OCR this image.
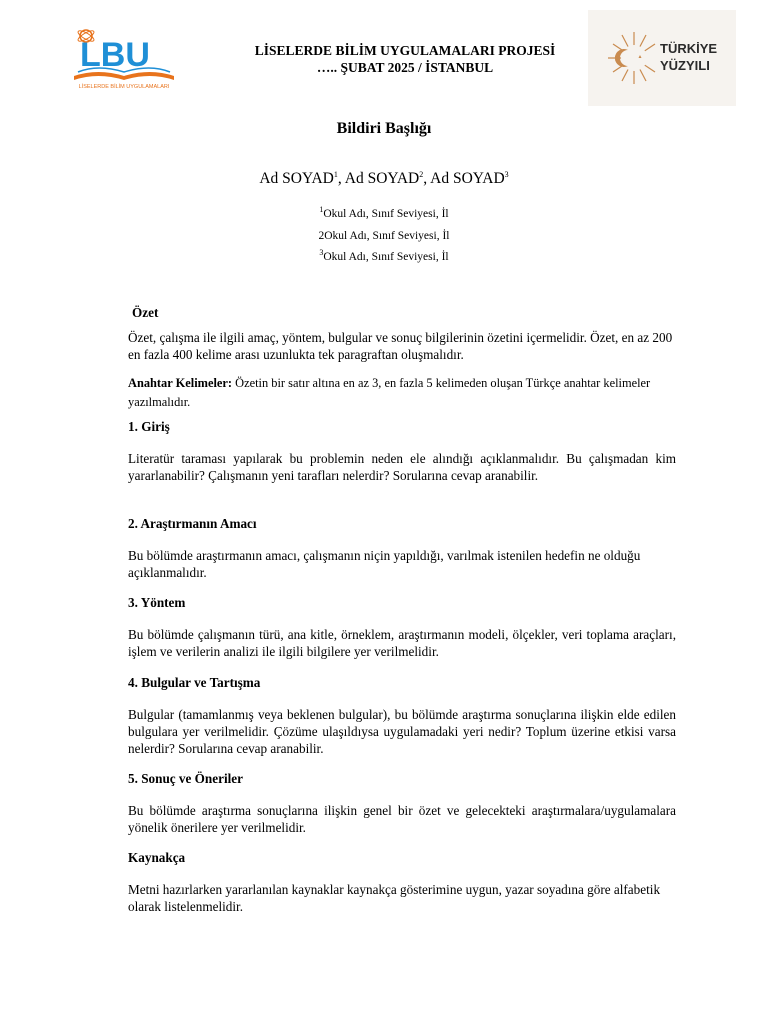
LBU
LİSELERDE BİLİM UYGULAMALARI
LİSELERDE BİLİM UYGULAMALARI PROJESİ
….. ŞUBAT 2025 / İSTANBUL
TÜRKİYE
YÜZYILI
Bildiri Başlığı
Ad SOYAD$^1$, Ad SOYAD$^2$, Ad SOYAD$^3$
$^1$Okul Adı, Sınıf Seviyesi, İl
2Okul Adı, Sınıf Seviyesi, İl
$^3$Okul Adı, Sınıf Seviyesi, İl
Özet
Özet, çalışma ile ilgili amaç, yöntem, bulgular ve sonuç bilgilerinin özetini içermelidir. Özet, en az 200 en fazla 400 kelime arası uzunlukta tek paragraftan oluşmalıdır.
Anahtar Kelimeler: Özetin bir satır altına en az 3, en fazla 5 kelimeden oluşan Türkçe anahtar kelimeler yazılmalıdır.
1. Giriş
Literatür taraması yapılarak bu problemin neden ele alındığı açıklanmalıdır. Bu çalışmadan kim yararlanabilir? Çalışmanın yeni tarafları nelerdir? Sorularına cevap aranabilir.
2. Araştırmanın Amacı
Bu bölümde araştırmanın amacı, çalışmanın niçin yapıldığı, varılmak istenilen hedefin ne olduğu açıklanmalıdır.
3. Yöntem
Bu bölümde çalışmanın türü, ana kitle, örneklem, araştırmanın modeli, ölçekler, veri toplama araçları, işlem ve verilerin analizi ile ilgili bilgilere yer verilmelidir.
4. Bulgular ve Tartışma
Bulgular (tamamlanmış veya beklenen bulgular), bu bölümde araştırma sonuçlarına ilişkin elde edilen bulgulara yer verilmelidir. Çözüme ulaşıldıysa uygulamadaki yeri nedir? Toplum üzerine etkisi varsa nelerdir? Sorularına cevap aranabilir.
5. Sonuç ve Öneriler
Bu bölümde araştırma sonuçlarına ilişkin genel bir özet ve gelecekteki araştırmalara/uygulamalara yönelik önerilere yer verilmelidir.
Kaynakça
Metni hazırlarken yararlanılan kaynaklar kaynakça gösterimine uygun, yazar soyadına göre alfabetik olarak listelenmelidir.
